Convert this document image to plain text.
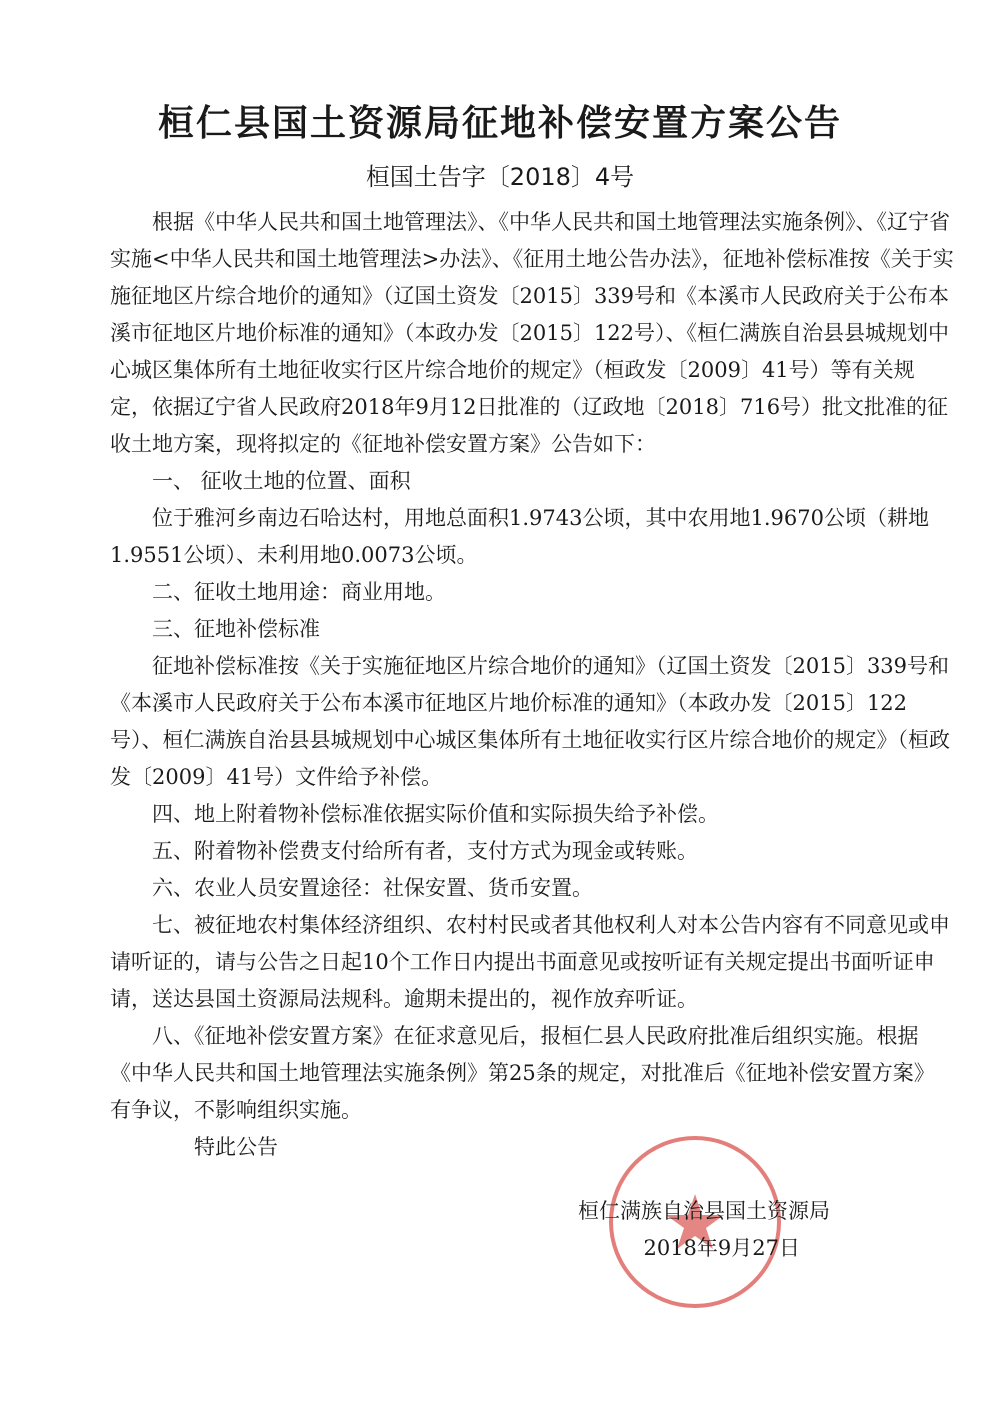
桓仁县国土资源局征地补偿安置方案公告
桓国土告字〔2018〕4号

根据《中华人民共和国土地管理法》、《中华人民共和国土地管理法实施条例》、《辽宁省实施<中华人民共和国土地管理法>办法》、《征用土地公告办法》，征地补偿标准按《关于实施征地区片综合地价的通知》（辽国土资发〔2015〕339号和《本溪市人民政府关于公布本溪市征地区片地价标准的通知》（本政办发〔2015〕122号）、《桓仁满族自治县县城规划中心城区集体所有土地征收实行区片综合地价的规定》（桓政发〔2009〕41号）等有关规定，依据辽宁省人民政府2018年9月12日批准的（辽政地〔2018〕716号）批文批准的征收土地方案，现将拟定的《征地补偿安置方案》公告如下：

一、 征收土地的位置、面积

位于雅河乡南边石哈达村，用地总面积1.9743公顷，其中农用地1.9670公顷（耕地1.9551公顷）、未利用地0.0073公顷。

二、征收土地用途：商业用地。

三、征地补偿标准

征地补偿标准按《关于实施征地区片综合地价的通知》（辽国土资发〔2015〕339号和《本溪市人民政府关于公布本溪市征地区片地价标准的通知》（本政办发〔2015〕122号）、桓仁满族自治县县城规划中心城区集体所有土地征收实行区片综合地价的规定》（桓政发〔2009〕41号）文件给予补偿。

四、地上附着物补偿标准依据实际价值和实际损失给予补偿。

五、附着物补偿费支付给所有者，支付方式为现金或转账。

六、农业人员安置途径：社保安置、货币安置。

七、被征地农村集体经济组织、农村村民或者其他权利人对本公告内容有不同意见或申请听证的，请与公告之日起10个工作日内提出书面意见或按听证有关规定提出书面听证申请，送达县国土资源局法规科。逾期未提出的，视作放弃听证。

八、《征地补偿安置方案》在征求意见后，报桓仁县人民政府批准后组织实施。根据《中华人民共和国土地管理法实施条例》第25条的规定，对批准后《征地补偿安置方案》有争议，不影响组织实施。

特此公告

桓仁满族自治县国土资源局
2018年9月27日
